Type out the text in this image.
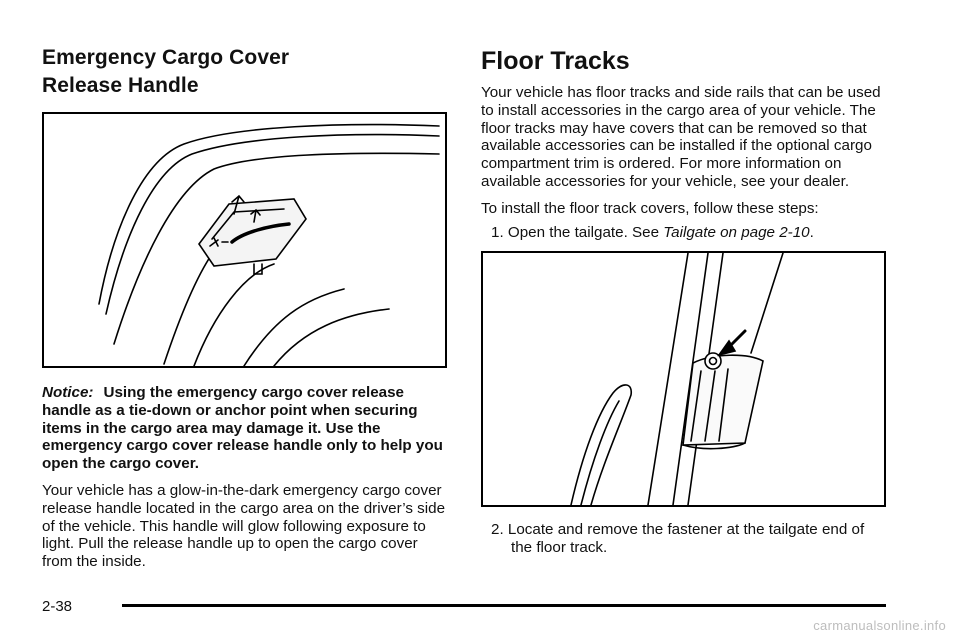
Emergency Cargo Cover
Release Handle

Notice: Using the emergency cargo cover release handle as a tie-down or anchor point when securing items in the cargo area may damage it. Use the emergency cargo cover release handle only to help you open the cargo cover.

Your vehicle has a glow-in-the-dark emergency cargo cover release handle located in the cargo area on the driver’s side of the vehicle. This handle will glow following exposure to light. Pull the release handle up to open the cargo cover from the inside.

Floor Tracks

Your vehicle has floor tracks and side rails that can be used to install accessories in the cargo area of your vehicle. The floor tracks may have covers that can be removed so that available accessories can be installed if the optional cargo compartment trim is ordered. For more information on available accessories for your vehicle, see your dealer.

To install the floor track covers, follow these steps:

1. Open the tailgate. See Tailgate on page 2-10.

2. Locate and remove the fastener at the tailgate end of the floor track.

2-38
carmanualsonline.info
